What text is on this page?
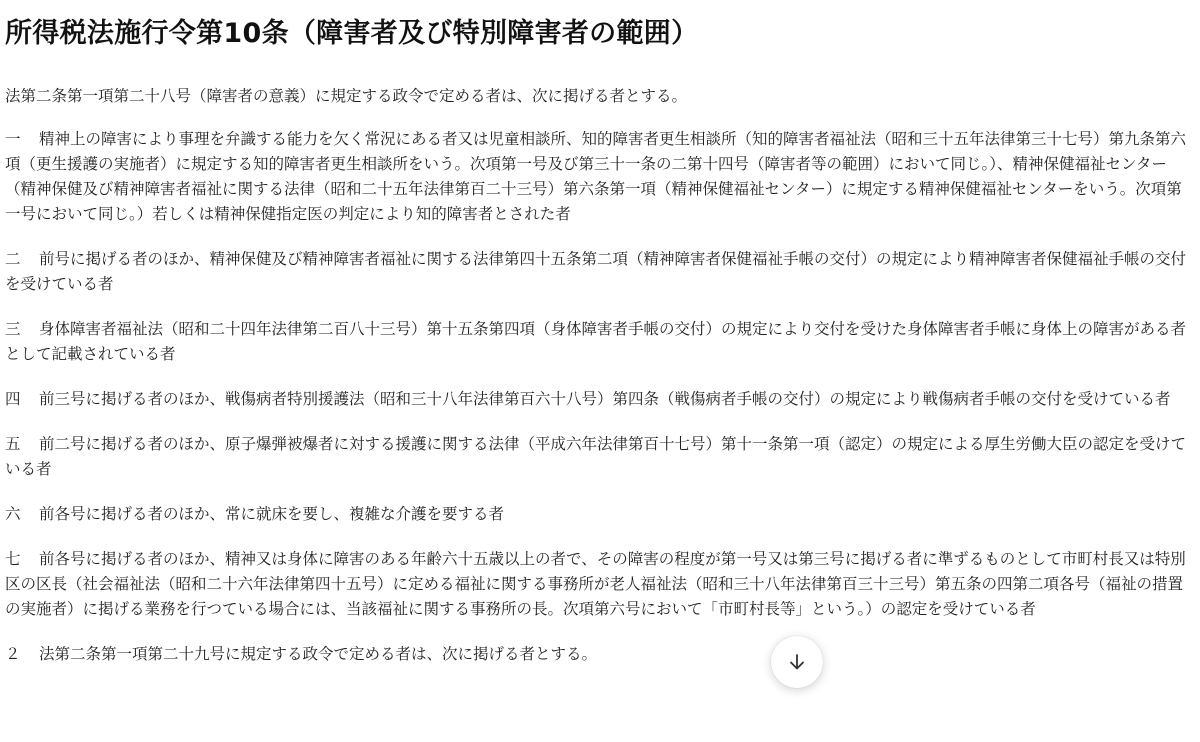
所得税法施行令第10条（障害者及び特別障害者の範囲）

法第二条第一項第二十八号（障害者の意義）に規定する政令で定める者は、次に掲げる者とする。

一 精神上の障害により事理を弁識する能力を欠く常況にある者又は児童相談所、知的障害者更生相談所（知的障害者福祉法（昭和三十五年法律第三十七号）第九条第六項（更生援護の実施者）に規定する知的障害者更生相談所をいう。次項第一号及び第三十一条の二第十四号（障害者等の範囲）において同じ。）、精神保健福祉センター（精神保健及び精神障害者福祉に関する法律（昭和二十五年法律第百二十三号）第六条第一項（精神保健福祉センター）に規定する精神保健福祉センターをいう。次項第一号において同じ。）若しくは精神保健指定医の判定により知的障害者とされた者

二 前号に掲げる者のほか、精神保健及び精神障害者福祉に関する法律第四十五条第二項（精神障害者保健福祉手帳の交付）の規定により精神障害者保健福祉手帳の交付を受けている者

三 身体障害者福祉法（昭和二十四年法律第二百八十三号）第十五条第四項（身体障害者手帳の交付）の規定により交付を受けた身体障害者手帳に身体上の障害がある者として記載されている者

四 前三号に掲げる者のほか、戦傷病者特別援護法（昭和三十八年法律第百六十八号）第四条（戦傷病者手帳の交付）の規定により戦傷病者手帳の交付を受けている者

五 前二号に掲げる者のほか、原子爆弾被爆者に対する援護に関する法律（平成六年法律第百十七号）第十一条第一項（認定）の規定による厚生労働大臣の認定を受けている者

六 前各号に掲げる者のほか、常に就床を要し、複雑な介護を要する者

七 前各号に掲げる者のほか、精神又は身体に障害のある年齢六十五歳以上の者で、その障害の程度が第一号又は第三号に掲げる者に準ずるものとして市町村長又は特別区の区長（社会福祉法（昭和二十六年法律第四十五号）に定める福祉に関する事務所が老人福祉法（昭和三十八年法律第百三十三号）第五条の四第二項各号（福祉の措置の実施者）に掲げる業務を行つている場合には、当該福祉に関する事務所の長。次項第六号において「市町村長等」という。）の認定を受けている者

２ 法第二条第一項第二十九号に規定する政令で定める者は、次に掲げる者とする。
